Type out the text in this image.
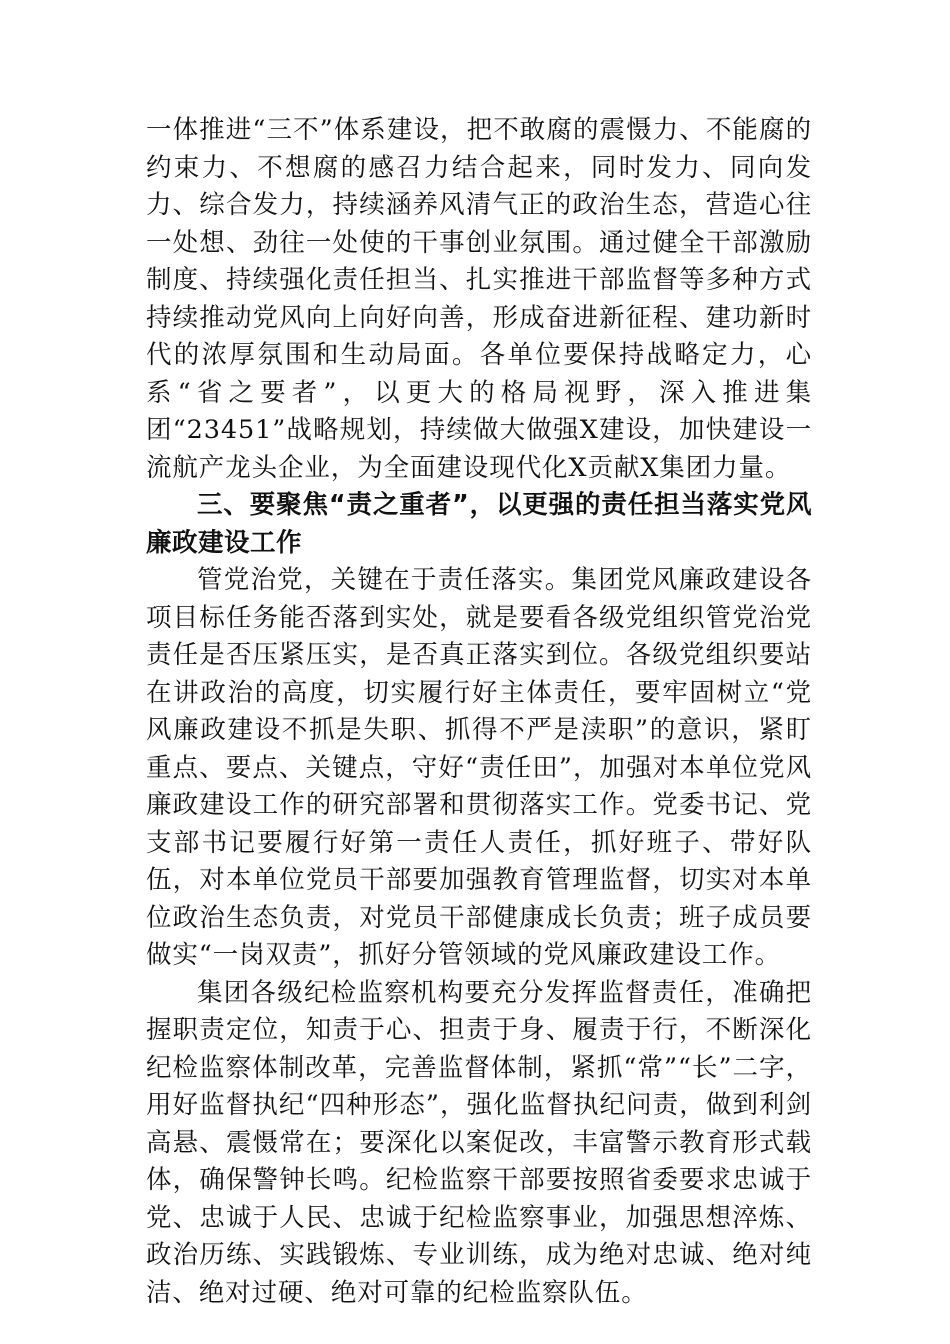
一体推进“三不”体系建设，把不敢腐的震慑力、不能腐的约束力、不想腐的感召力结合起来，同时发力、同向发力、综合发力，持续涵养风清气正的政治生态，营造心往一处想、劲往一处使的干事创业氛围。通过健全干部激励制度、持续强化责任担当、扎实推进干部监督等多种方式持续推动党风向上向好向善，形成奋进新征程、建功新时代的浓厚氛围和生动局面。各单位要保持战略定力，心系“省之要者”，以更大的格局视野，深入推进集团“23451”战略规划，持续做大做强X建设，加快建设一流航产龙头企业，为全面建设现代化X贡献X集团力量。

三、要聚焦“责之重者”，以更强的责任担当落实党风廉政建设工作

管党治党，关键在于责任落实。集团党风廉政建设各项目标任务能否落到实处，就是要看各级党组织管党治党责任是否压紧压实，是否真正落实到位。各级党组织要站在讲政治的高度，切实履行好主体责任，要牢固树立“党风廉政建设不抓是失职、抓得不严是渎职”的意识，紧盯重点、要点、关键点，守好“责任田”，加强对本单位党风廉政建设工作的研究部署和贯彻落实工作。党委书记、党支部书记要履行好第一责任人责任，抓好班子、带好队伍，对本单位党员干部要加强教育管理监督，切实对本单位政治生态负责，对党员干部健康成长负责；班子成员要做实“一岗双责”，抓好分管领域的党风廉政建设工作。

集团各级纪检监察机构要充分发挥监督责任，准确把握职责定位，知责于心、担责于身、履责于行，不断深化纪检监察体制改革，完善监督体制，紧抓“常”“长”二字，用好监督执纪“四种形态”，强化监督执纪问责，做到利剑高悬、震慑常在；要深化以案促改，丰富警示教育形式载体，确保警钟长鸣。纪检监察干部要按照省委要求忠诚于党、忠诚于人民、忠诚于纪检监察事业，加强思想淬炼、政治历练、实践锻炼、专业训练，成为绝对忠诚、绝对纯洁、绝对过硬、绝对可靠的纪检监察队伍。
